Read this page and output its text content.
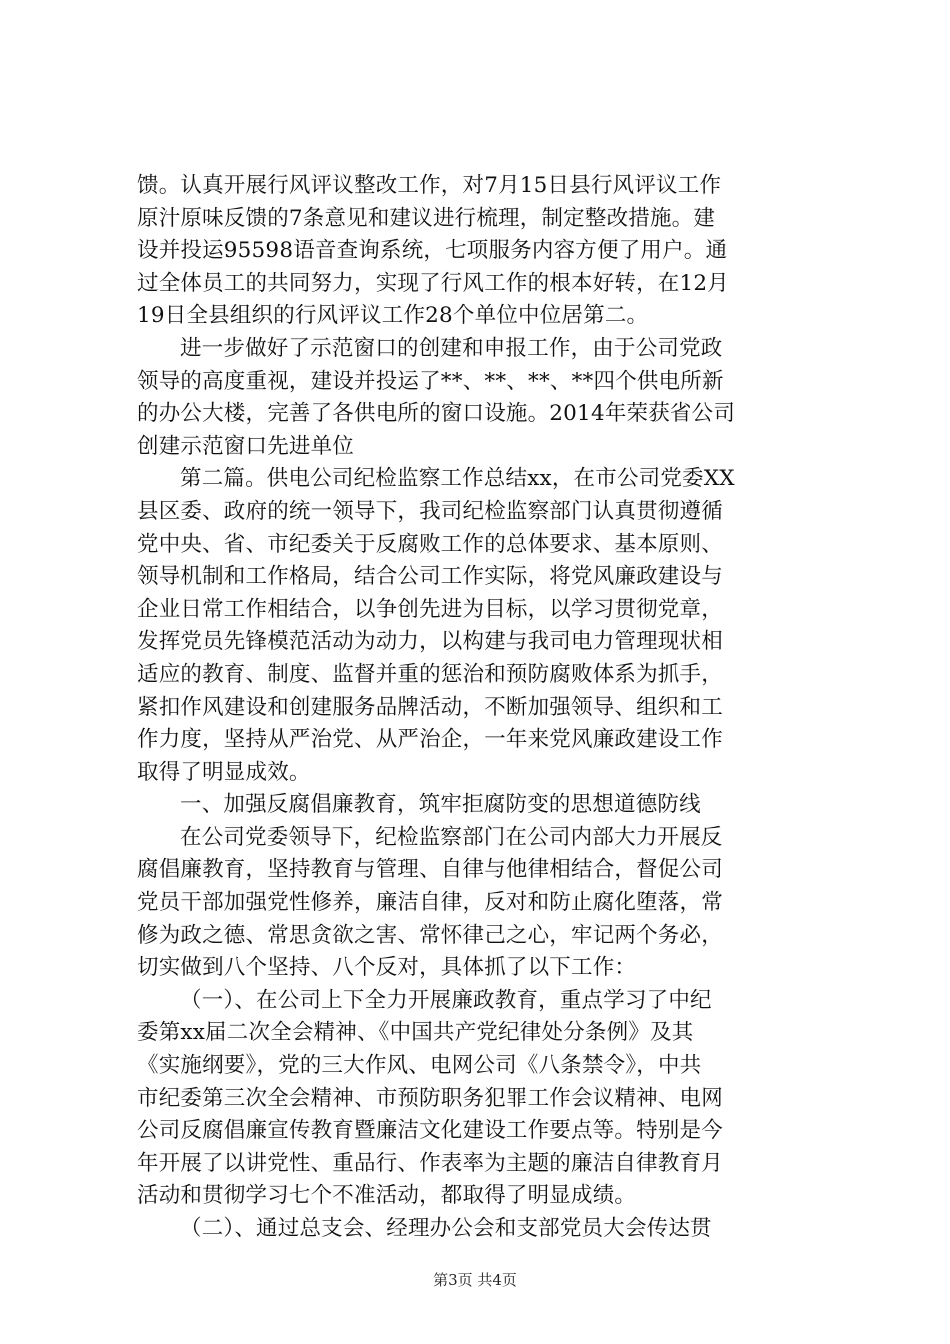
馈。认真开展行风评议整改工作，对7月15日县行风评议工作

原汁原味反馈的7条意见和建议进行梳理，制定整改措施。建

设并投运95598语音查询系统，七项服务内容方便了用户。通

过全体员工的共同努力，实现了行风工作的根本好转，在12月

19日全县组织的行风评议工作28个单位中位居第二。

进一步做好了示范窗口的创建和申报工作，由于公司党政

领导的高度重视，建设并投运了**、**、**、**四个供电所新

的办公大楼，完善了各供电所的窗口设施。2014年荣获省公司

创建示范窗口先进单位

第二篇。供电公司纪检监察工作总结xx，在市公司党委XX

县区委、政府的统一领导下，我司纪检监察部门认真贯彻遵循

党中央、省、市纪委关于反腐败工作的总体要求、基本原则、

领导机制和工作格局，结合公司工作实际，将党风廉政建设与

企业日常工作相结合，以争创先进为目标，以学习贯彻党章，

发挥党员先锋模范活动为动力，以构建与我司电力管理现状相

适应的教育、制度、监督并重的惩治和预防腐败体系为抓手，

紧扣作风建设和创建服务品牌活动，不断加强领导、组织和工

作力度，坚持从严治党、从严治企，一年来党风廉政建设工作

取得了明显成效。

一、加强反腐倡廉教育，筑牢拒腐防变的思想道德防线

在公司党委领导下，纪检监察部门在公司内部大力开展反

腐倡廉教育，坚持教育与管理、自律与他律相结合，督促公司

党员干部加强党性修养，廉洁自律，反对和防止腐化堕落，常

修为政之德、常思贪欲之害、常怀律己之心，牢记两个务必，

切实做到八个坚持、八个反对，具体抓了以下工作：

（一）、在公司上下全力开展廉政教育，重点学习了中纪

委第xx届二次全会精神、《中国共产党纪律处分条例》及其

《实施纲要》，党的三大作风、电网公司《八条禁令》，中共

市纪委第三次全会精神、市预防职务犯罪工作会议精神、电网

公司反腐倡廉宣传教育暨廉洁文化建设工作要点等。特别是今

年开展了以讲党性、重品行、作表率为主题的廉洁自律教育月

活动和贯彻学习七个不准活动，都取得了明显成绩。

（二）、通过总支会、经理办公会和支部党员大会传达贯

第3页 共4页
